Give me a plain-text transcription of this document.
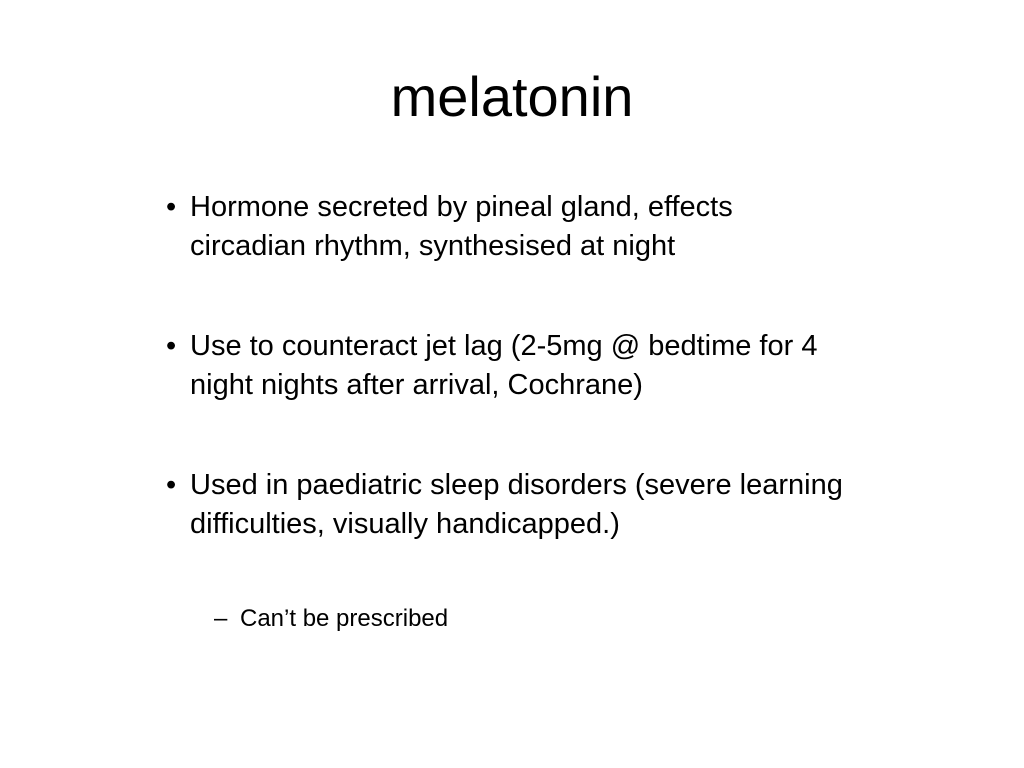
melatonin
• Hormone secreted by pineal gland, effects
circadian rhythm, synthesised at night
• Use to counteract jet lag (2-5mg @ bedtime for 4
night nights after arrival, Cochrane)
• Used in paediatric sleep disorders (severe learning
difficulties, visually handicapped.)
– Can’t be prescribed
